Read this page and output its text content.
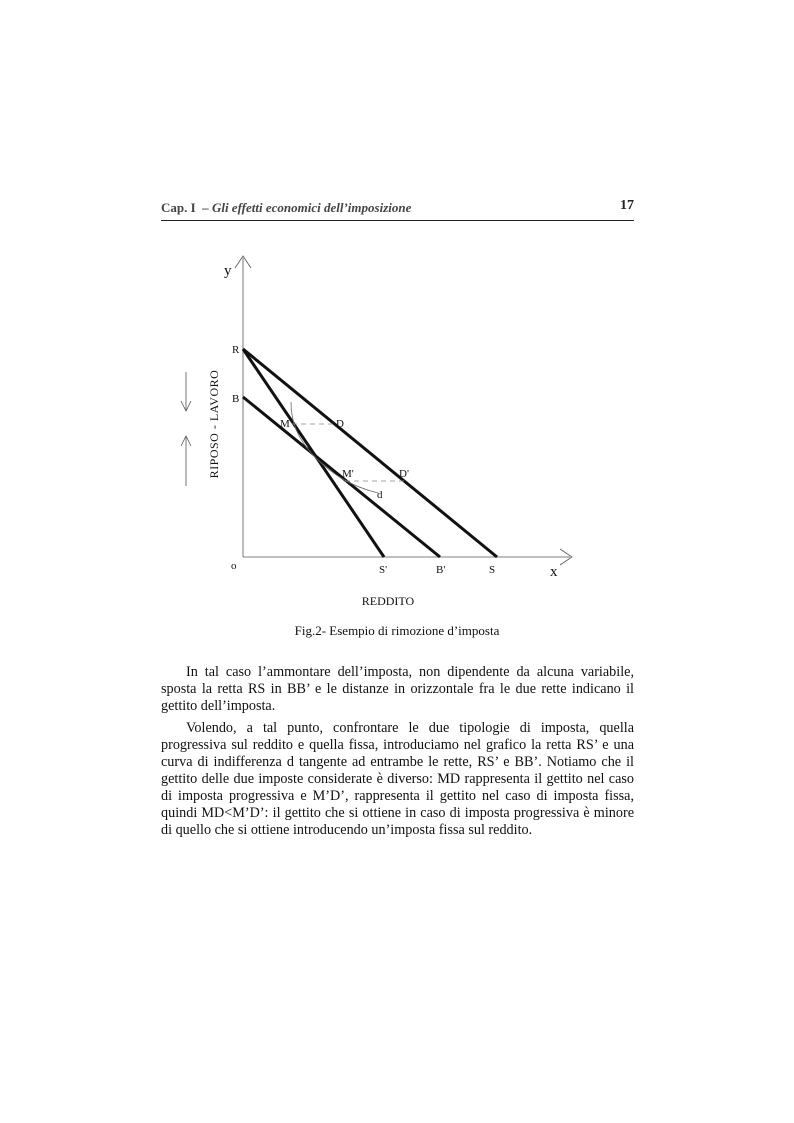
Cap. I – Gli effetti economici dell’imposizione	17
y
x
RIPOSO - LAVORO
REDDITO
o
R
B
M	D
M'	D'
d
S'	B'	S
Fig.2- Esempio di rimozione d’imposta

In tal caso l’ammontare dell’imposta, non dipendente da alcuna variabile, sposta la retta RS in BB’ e le distanze in orizzontale fra le due rette indicano il gettito dell’imposta.

Volendo, a tal punto, confrontare le due tipologie di imposta, quella progressiva sul reddito e quella fissa, introduciamo nel grafico la retta RS’ e una curva di indifferenza d tangente ad entrambe le rette, RS’ e BB’. Notiamo che il gettito delle due imposte considerate è diverso: MD rappresenta il gettito nel caso di imposta progressiva e M’D’, rappresenta il gettito nel caso di imposta fissa, quindi MD<M’D’: il gettito che si ottiene in caso di imposta progressiva è minore di quello che si ottiene introducendo un’imposta fissa sul reddito.
